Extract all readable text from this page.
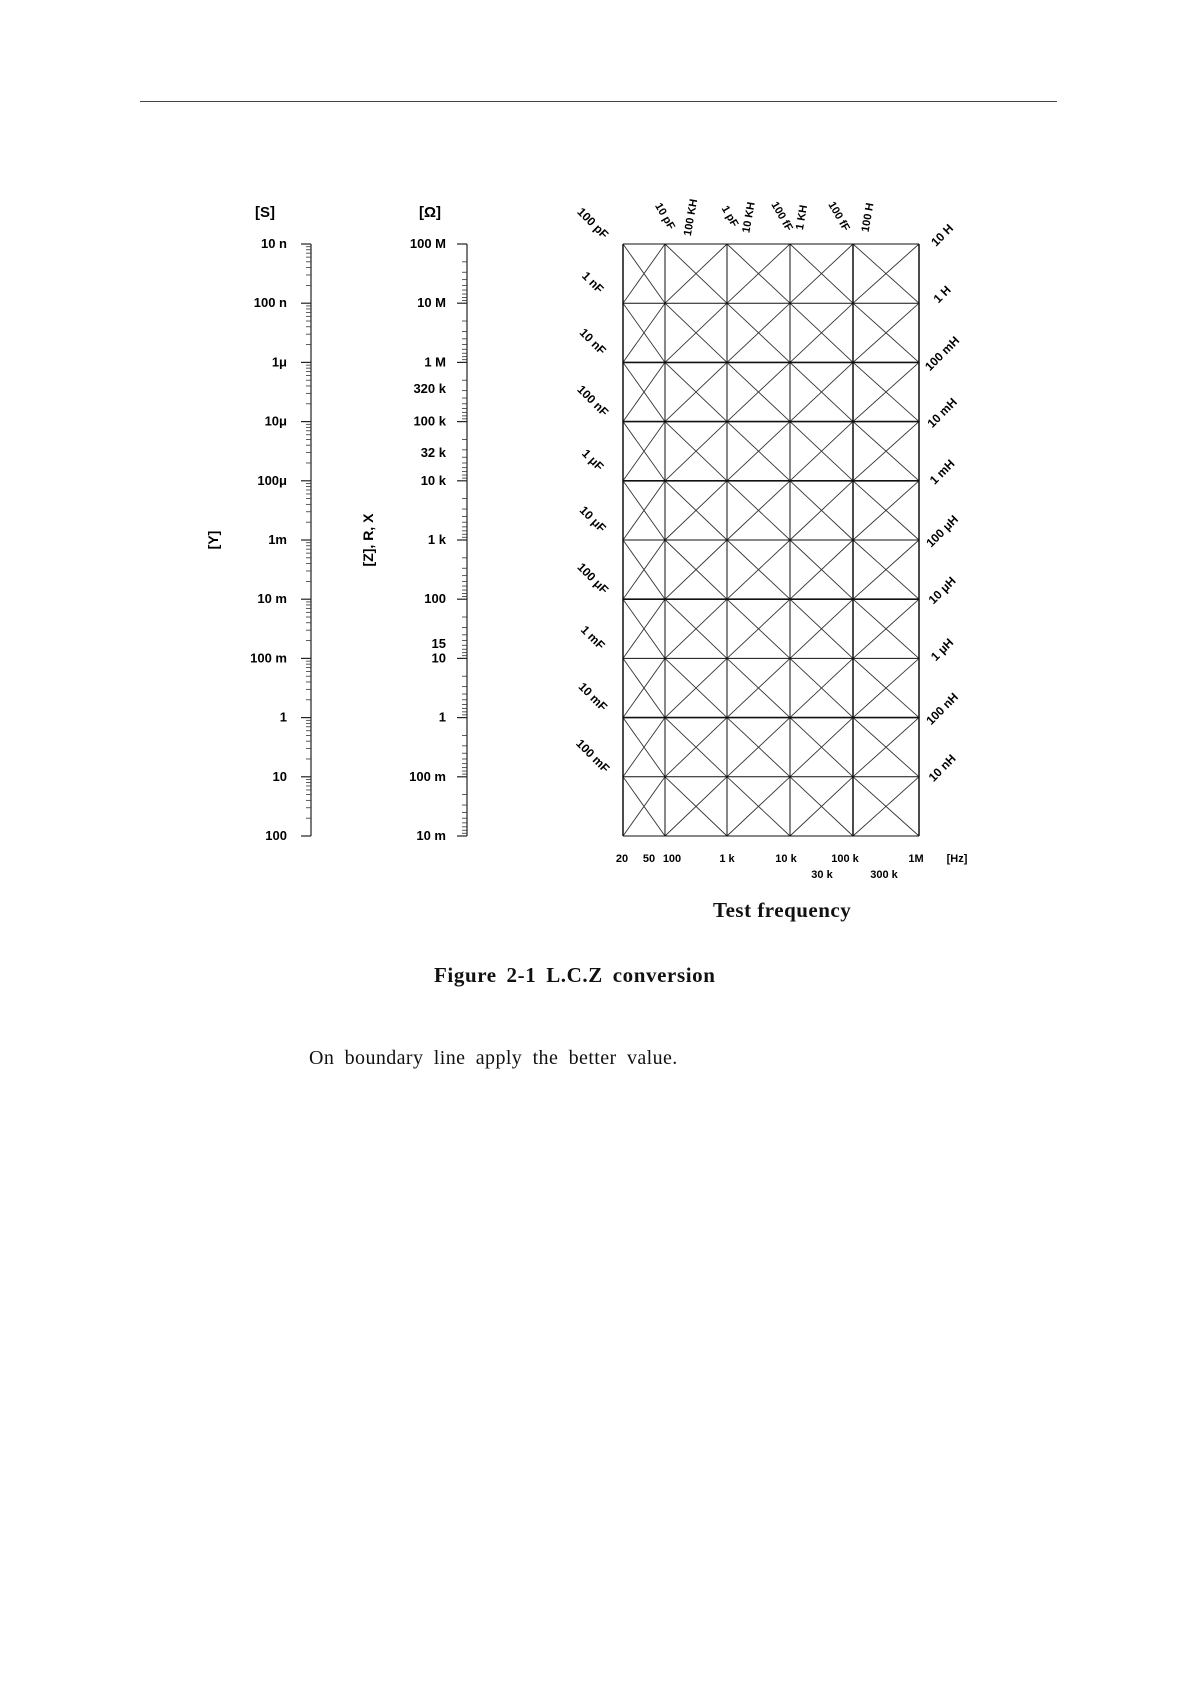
10 n
100 n
1μ
10μ
100μ
1m
10 m
100 m
1
10
100
[S]
[Y]
100 M
10 M
1 M
100 k
10 k
1 k
100
10
1
100 m
10 m
[Ω]
[Z], R, X
320 k
32 k
15
100 pF
1 nF
10 nF
100 nF
1 μF
10 μF
100 μF
1 mF
10 mF
100 mF
10 H
1 H
100 mH
10 mH
1 mH
100 μH
10 μH
1 μH
100 nH
10 nH
10 pF 100 KH 1 pF 10 KH 100 fF 1 KH 100 fF 100 H
20 50 100	1 k	10 k	100 k	1M [Hz]
30 k	300 k
Test frequency
Figure 2-1 L.C.Z conversion
On boundary line apply the better value.
